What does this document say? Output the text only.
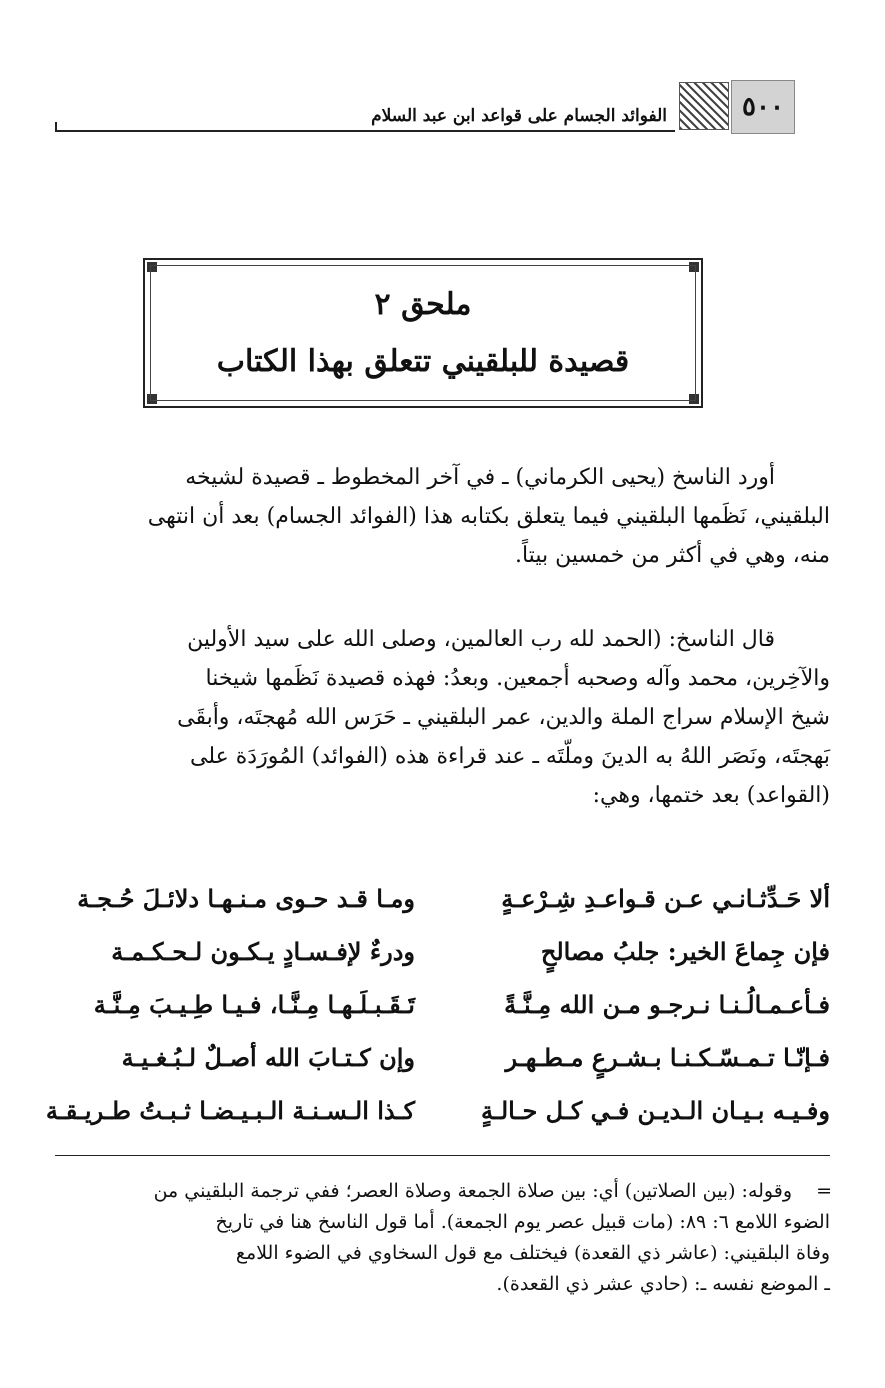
٥٠٠
الفوائد الجسام على قواعد ابن عبد السلام
ملحق ٢
قصيدة للبلقيني تتعلق بهذا الكتاب
أورد الناسخ (يحيى الكرماني) ـ في آخر المخطوط ـ قصيدة لشيخه
البلقيني، نَظَمها البلقيني فيما يتعلق بكتابه هذا (الفوائد الجسام) بعد أن انتهى
منه، وهي في أكثر من خمسين بيتاً.
قال الناسخ: (الحمد لله رب العالمين، وصلى الله على سيد الأولين
والآخِرين، محمد وآله وصحبه أجمعين. وبعدُ: فهذه قصيدة نَظَمها شيخنا
شيخ الإسلام سراج الملة والدين، عمر البلقيني ـ حَرَس الله مُهجتَه، وأبقَى
بَهجتَه، ونَصَر اللهُ به الدينَ وملّتَه ـ عند قراءة هذه (الفوائد) المُورَدَة على
(القواعد) بعد ختمها، وهي:
ألا حَـدِّثـانـي عـن قـواعـدِ شِـرْعـةٍ
ومـا قـد حـوى مـنـهـا دلائـلَ حُـجـة
فإن جِماعَ الخير: جلبُ مصالحٍ
ودرءٌ لإفـسـادٍ يـكـون لـحـكـمـة
فـأعـمـالُـنـا نـرجـو مـن الله مِـنَّـةً
تَـقَـبـلَـهـا مِـنَّـا، فـيـا طِـيـبَ مِـنَّـة
فـإنّـا تـمـسّـكـنـا بـشـرعٍ مـطـهـر
وإن كـتـابَ الله أصـلٌ لـبُـغـيـة
وفـيـه بـيـان الـديـن فـي كـل حـالـةٍ
كـذا الـسـنـة الـبـيـضـا ثـبـتُ طـريـقـة
=
وقوله: (بين الصلاتين) أي: بين صلاة الجمعة وصلاة العصر؛ ففي ترجمة البلقيني من
الضوء اللامع ٦: ٨٩: (مات قبيل عصر يوم الجمعة). أما قول الناسخ هنا في تاريخ
وفاة البلقيني: (عاشر ذي القعدة) فيختلف مع قول السخاوي في الضوء اللامع
ـ الموضع نفسه ـ: (حادي عشر ذي القعدة).
